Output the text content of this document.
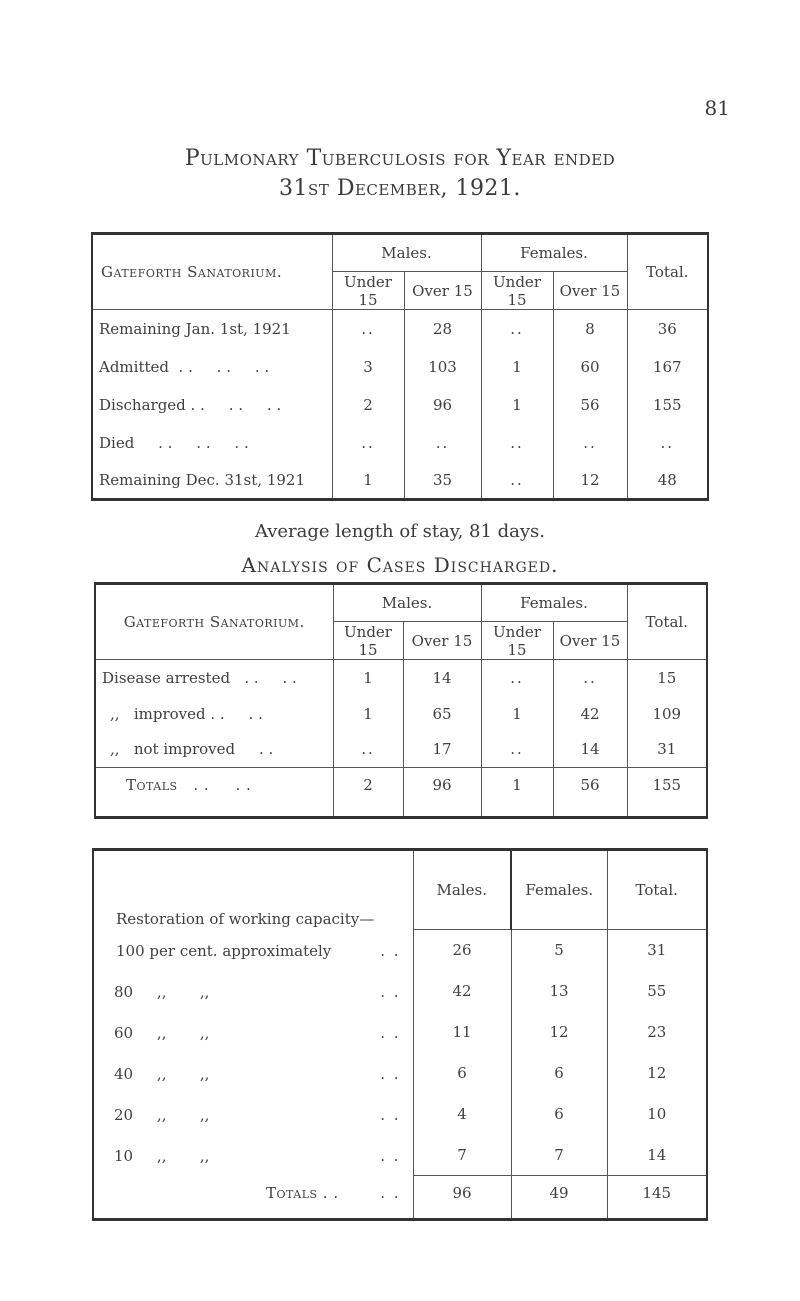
81
Pulmonary Tuberculosis for Year ended
31st December, 1921.
Gateforth Sanatorium.	Males.		Females.		Total.
	Under 15	Over 15	Under 15	Over 15	
Remaining Jan. 1st, 1921	..	28	..	8	36
Admitted  . .     . .     . .	3	103	1	60	167
Discharged . .     . .     . .	2	96	1	56	155
Died     . .     . .     . .	..	..	..	..	..
Remaining Dec. 31st, 1921	1	35	..	12	48
Average length of stay, 81 days.
Analysis of Cases Discharged.
Gateforth Sanatorium.	Males.		Females.		Total.
	Under 15	Over 15	Under 15	Over 15	
Disease arrested   . .     . .	1	14	..	..	15
,,   improved . .     . .	1	65	1	42	109
,,   not improved     . .	..	17	..	14	31
Totals   . .     . .	2	96	1	56	155
Restoration of working capacity—	Males.	Females.	Total.

100 per cent. approximately . .	26	5	31

80     ,,       ,, . .	42	13	55

60     ,,       ,, . .	11	12	23

40     ,,       ,, . .	6	6	12

20     ,,       ,, . .	4	6	10

10     ,,       ,, . .	7	7	14

Totals . . . .	96	49	145
